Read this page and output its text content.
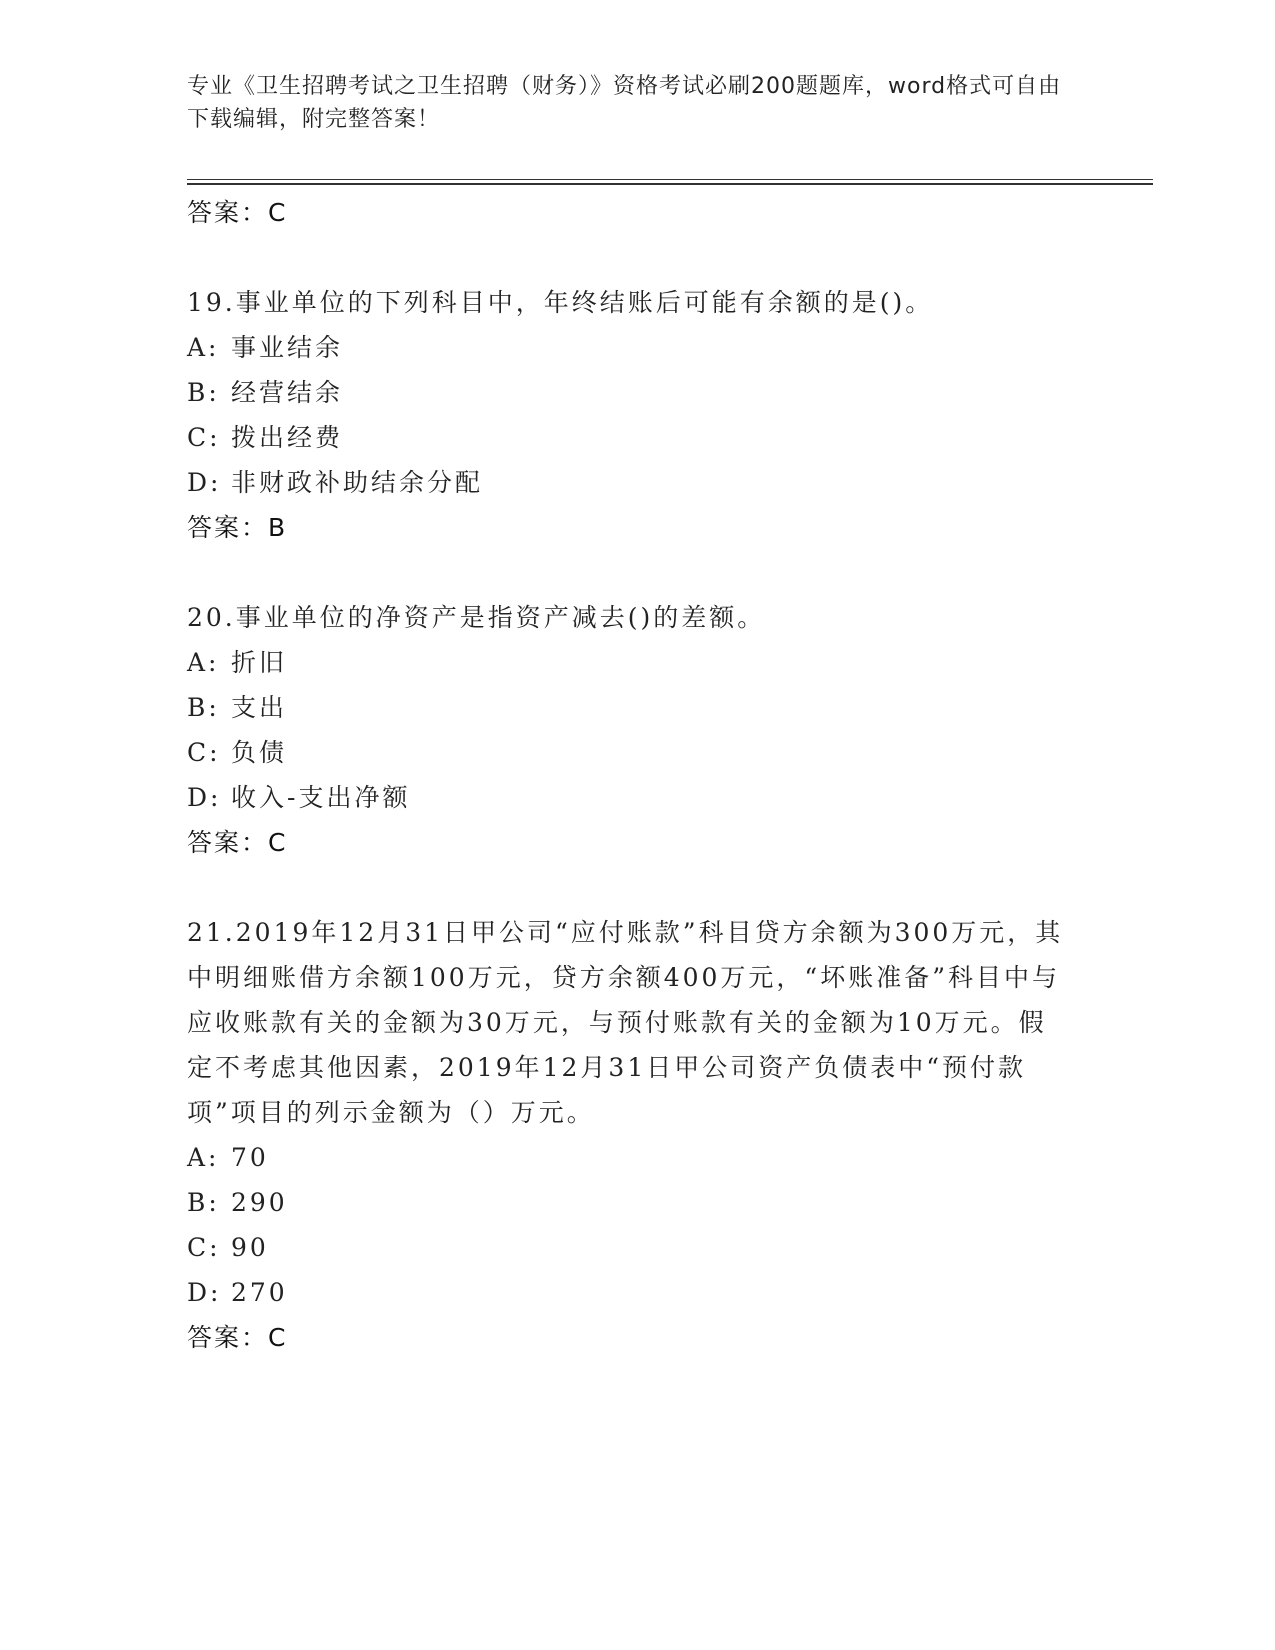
专业《卫生招聘考试之卫生招聘（财务）》资格考试必刷200题题库，word格式可自由下载编辑，附完整答案！
答案：C

19.事业单位的下列科目中，年终结账后可能有余额的是()。

A: 事业结余
B: 经营结余
C: 拨出经费
D: 非财政补助结余分配
答案：B

20.事业单位的净资产是指资产减去()的差额。

A: 折旧
B: 支出
C: 负债
D: 收入-支出净额
答案：C

21.2019年12月31日甲公司“应付账款”科目贷方余额为300万元，其中明细账借方余额100万元，贷方余额400万元，“坏账准备”科目中与应收账款有关的金额为30万元，与预付账款有关的金额为10万元。假定不考虑其他因素，2019年12月31日甲公司资产负债表中“预付款项”项目的列示金额为（）万元。

A: 70
B: 290
C: 90
D: 270
答案：C
